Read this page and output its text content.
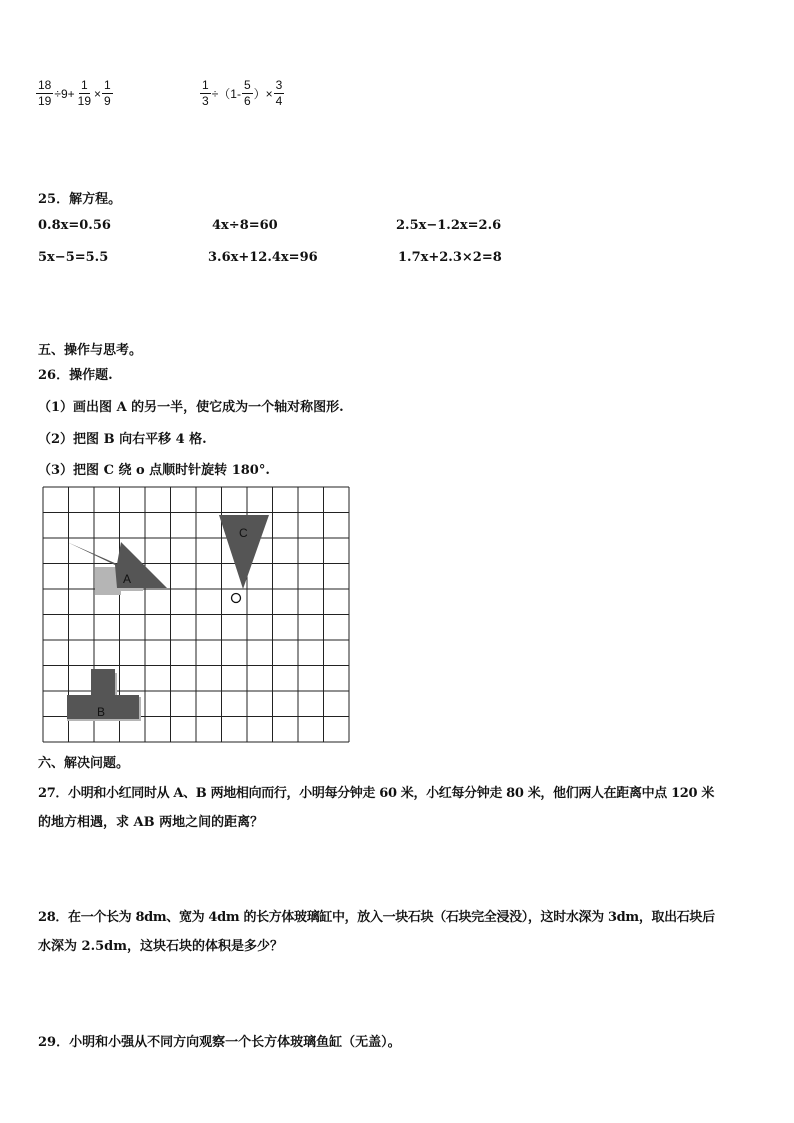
$\frac{18}{19} \div 9+ \frac{1}{19} \times \frac{1}{9}$	$\frac{1}{3} \div(1- \frac{5}{6}$ ）× $\frac{3}{4}$
25．解方程。
0.8x=0.56	4x÷8=60	2.5x−1.2x=2.6
5x−5=5.5	3.6x+12.4x=96	1.7x+2.3×2=8
五、操作与思考。
26．操作题.
（1）画出图 A 的另一半，使它成为一个轴对称图形.
（2）把图 B 向右平移 4 格.
（3）把图 C 绕 o 点顺时针旋转 180°.
A
B
C
六、解决问题。
27．小明和小红同时从 A、B 两地相向而行，小明每分钟走 60 米，小红每分钟走 80 米，他们两人在距离中点 120 米
的地方相遇，求 AB 两地之间的距离？
28．在一个长为 8dm、宽为 4dm 的长方体玻璃缸中，放入一块石块（石块完全浸没），这时水深为 3dm，取出石块后
水深为 2.5dm，这块石块的体积是多少？
29．小明和小强从不同方向观察一个长方体玻璃鱼缸（无盖）。
